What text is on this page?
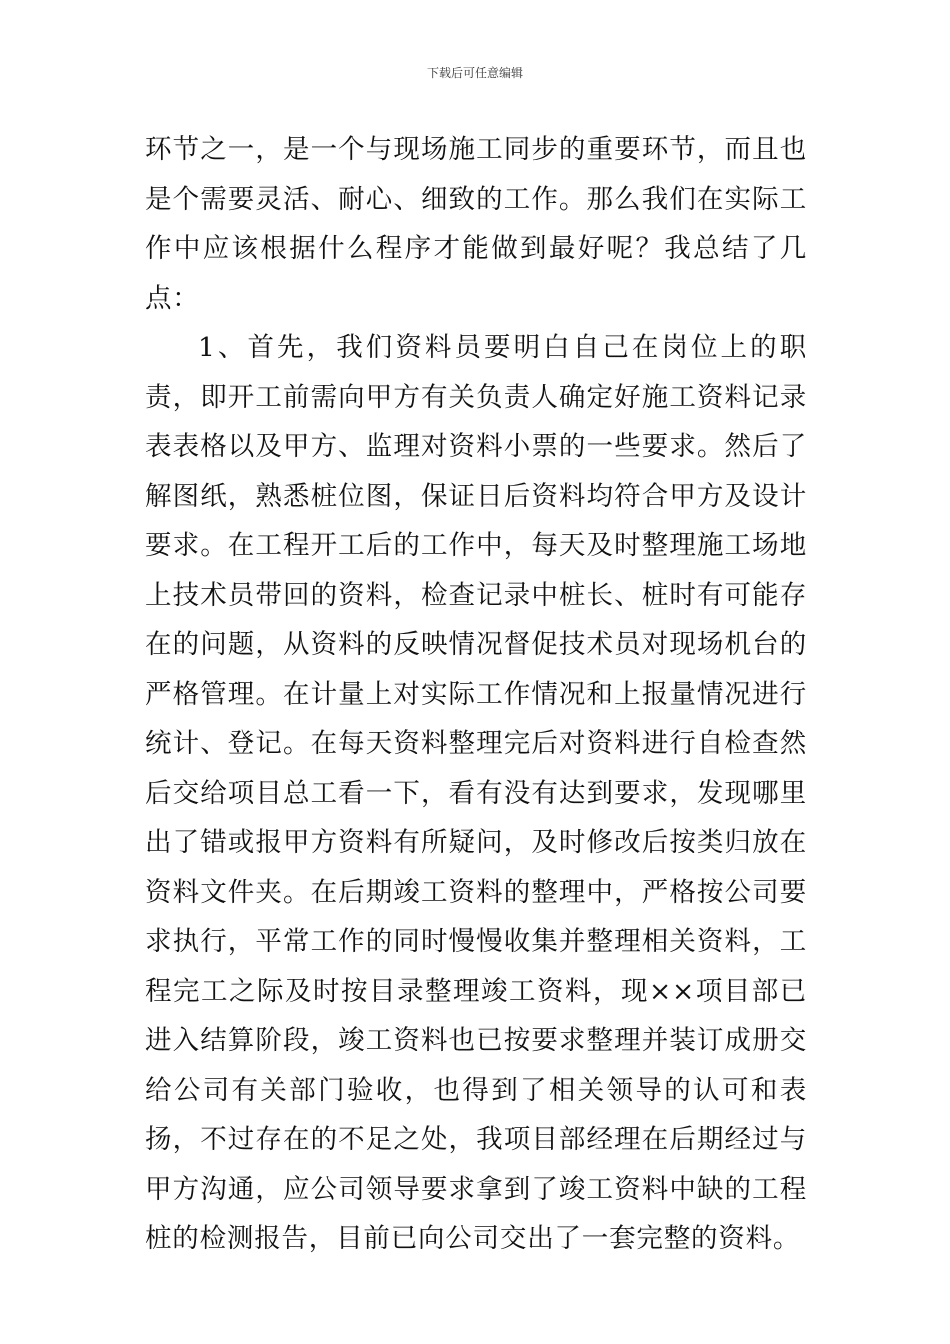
下载后可任意编辑

环节之一，是一个与现场施工同步的重要环节，而且也是个需要灵活、耐心、细致的工作。那么我们在实际工作中应该根据什么程序才能做到最好呢？我总结了几点：

1、首先，我们资料员要明白自己在岗位上的职责，即开工前需向甲方有关负责人确定好施工资料记录表表格以及甲方、监理对资料小票的一些要求。然后了解图纸，熟悉桩位图，保证日后资料均符合甲方及设计要求。在工程开工后的工作中，每天及时整理施工场地上技术员带回的资料，检查记录中桩长、桩时有可能存在的问题，从资料的反映情况督促技术员对现场机台的严格管理。在计量上对实际工作情况和上报量情况进行统计、登记。在每天资料整理完后对资料进行自检查然后交给项目总工看一下，看有没有达到要求，发现哪里出了错或报甲方资料有所疑问，及时修改后按类归放在资料文件夹。在后期竣工资料的整理中，严格按公司要求执行，平常工作的同时慢慢收集并整理相关资料，工程完工之际及时按目录整理竣工资料，现××项目部已进入结算阶段，竣工资料也已按要求整理并装订成册交给公司有关部门验收，也得到了相关领导的认可和表扬，不过存在的不足之处，我项目部经理在后期经过与甲方沟通，应公司领导要求拿到了竣工资料中缺的工程桩的检测报告，目前已向公司交出了一套完整的资料。
